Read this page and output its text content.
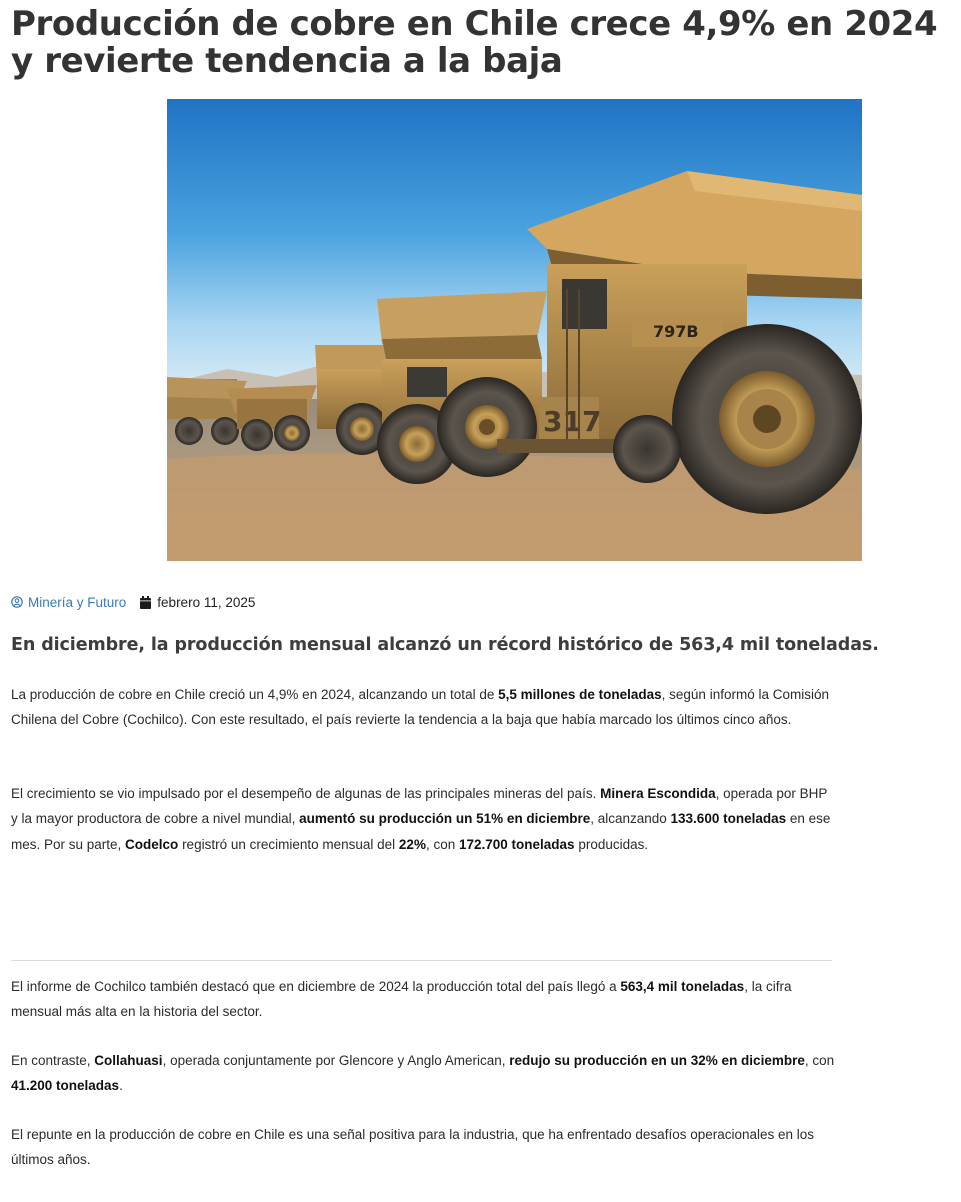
Producción de cobre en Chile crece 4,9% en 2024 y revierte tendencia a la baja
797B
317
Minería y Futuro febrero 11, 2025

En diciembre, la producción mensual alcanzó un récord histórico de 563,4 mil toneladas.

La producción de cobre en Chile creció un 4,9% en 2024, alcanzando un total de 5,5 millones de toneladas, según informó la Comisión Chilena del Cobre (Cochilco). Con este resultado, el país revierte la tendencia a la baja que había marcado los últimos cinco años.

El crecimiento se vio impulsado por el desempeño de algunas de las principales mineras del país. Minera Escondida, operada por BHP y la mayor productora de cobre a nivel mundial, aumentó su producción un 51% en diciembre, alcanzando 133.600 toneladas en ese mes. Por su parte, Codelco registró un crecimiento mensual del 22%, con 172.700 toneladas producidas.

El informe de Cochilco también destacó que en diciembre de 2024 la producción total del país llegó a 563,4 mil toneladas, la cifra mensual más alta en la historia del sector.

En contraste, Collahuasi, operada conjuntamente por Glencore y Anglo American, redujo su producción en un 32% en diciembre, con 41.200 toneladas.

El repunte en la producción de cobre en Chile es una señal positiva para la industria, que ha enfrentado desafíos operacionales en los últimos años.
